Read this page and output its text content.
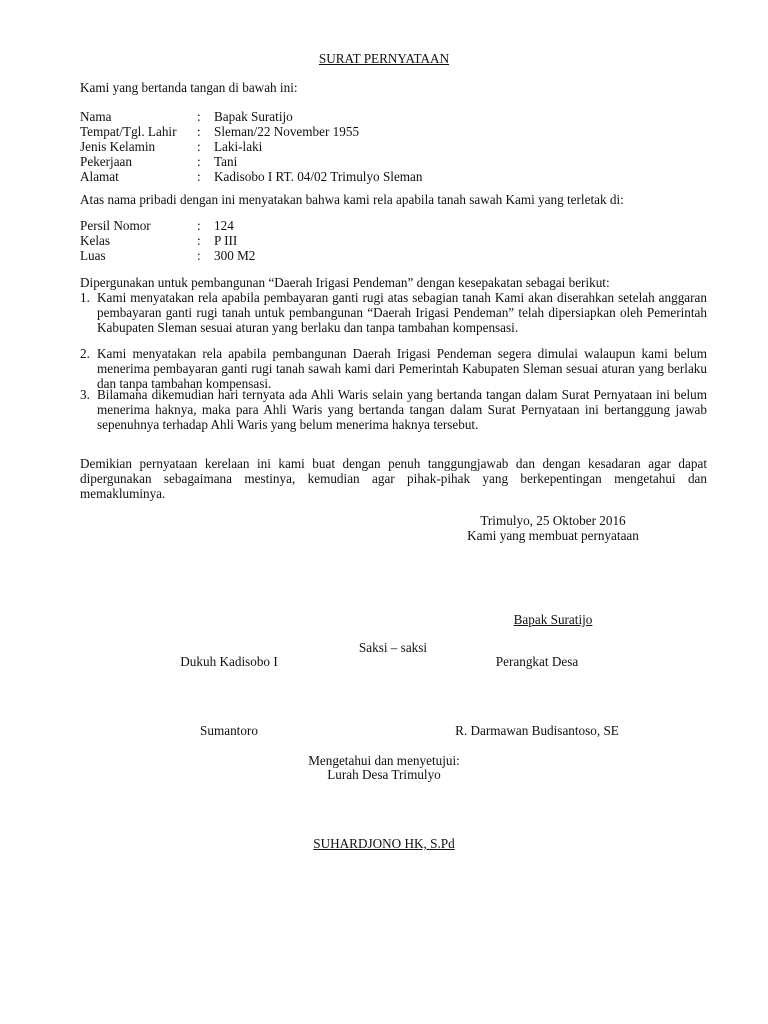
SURAT PERNYATAAN
Kami yang bertanda tangan di bawah ini:
Nama	: Bapak Suratijo
Tempat/Tgl. Lahir : Sleman/22 November 1955
Jenis Kelamin	: Laki-laki
Pekerjaan	: Tani
Alamat	: Kadisobo I RT. 04/02 Trimulyo Sleman
Atas nama pribadi dengan ini menyatakan bahwa kami rela apabila tanah sawah Kami yang terletak di:
Persil Nomor	: 124
Kelas	: P III
Luas	: 300 M2
Dipergunakan untuk pembangunan “Daerah Irigasi Pendeman” dengan kesepakatan sebagai berikut:
1. Kami menyatakan rela apabila pembayaran ganti rugi atas sebagian tanah Kami akan diserahkan setelah anggaran pembayaran ganti rugi tanah untuk pembangunan “Daerah Irigasi Pendeman” telah dipersiapkan oleh Pemerintah Kabupaten Sleman sesuai aturan yang berlaku dan tanpa tambahan kompensasi.
2. Kami menyatakan rela apabila pembangunan Daerah Irigasi Pendeman segera dimulai walaupun kami belum menerima pembayaran ganti rugi tanah sawah kami dari Pemerintah Kabupaten Sleman sesuai aturan yang berlaku dan tanpa tambahan kompensasi.
3. Bilamana dikemudian hari ternyata ada Ahli Waris selain yang bertanda tangan dalam Surat Pernyataan ini belum menerima haknya, maka para Ahli Waris yang bertanda tangan dalam Surat Pernyataan ini bertanggung jawab sepenuhnya terhadap Ahli Waris yang belum menerima haknya tersebut.
Demikian pernyataan kerelaan ini kami buat dengan penuh tanggungjawab dan dengan kesadaran agar dapat dipergunakan sebagaimana mestinya, kemudian agar pihak-pihak yang berkepentingan mengetahui dan memakluminya.
Trimulyo, 25 Oktober 2016
Kami yang membuat pernyataan
Bapak Suratijo
Saksi – saksi
Dukuh Kadisobo I	Perangkat Desa
Sumantoro	R. Darmawan Budisantoso, SE
Mengetahui dan menyetujui:
Lurah Desa Trimulyo
SUHARDJONO HK, S.Pd
